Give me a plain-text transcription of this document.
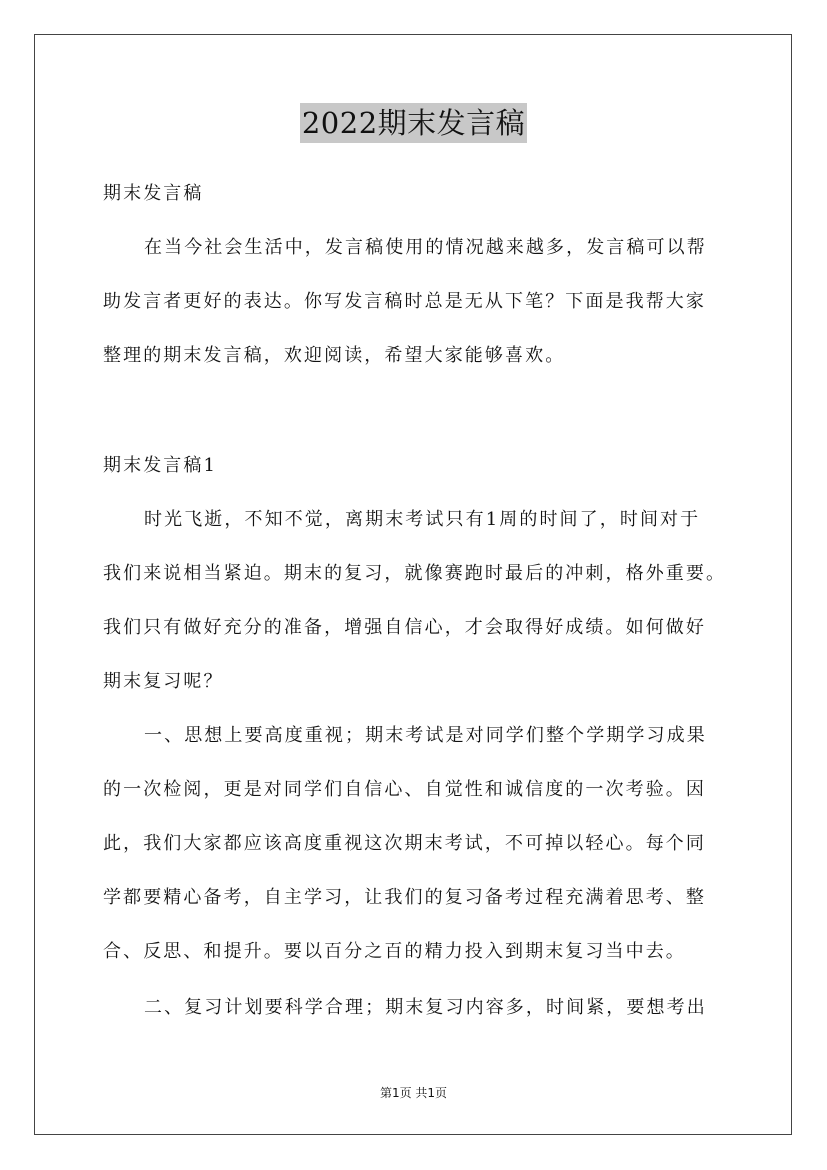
2022期末发言稿
期末发言稿
在当今社会生活中，发言稿使用的情况越来越多，发言稿可以帮
助发言者更好的表达。你写发言稿时总是无从下笔？下面是我帮大家
整理的期末发言稿，欢迎阅读，希望大家能够喜欢。
期末发言稿1
时光飞逝，不知不觉，离期末考试只有1周的时间了，时间对于
我们来说相当紧迫。期末的复习，就像赛跑时最后的冲刺，格外重要。
我们只有做好充分的准备，增强自信心，才会取得好成绩。如何做好
期末复习呢？
一、思想上要高度重视；期末考试是对同学们整个学期学习成果
的一次检阅，更是对同学们自信心、自觉性和诚信度的一次考验。因
此，我们大家都应该高度重视这次期末考试，不可掉以轻心。每个同
学都要精心备考，自主学习，让我们的复习备考过程充满着思考、整
合、反思、和提升。要以百分之百的精力投入到期末复习当中去。
二、复习计划要科学合理；期末复习内容多，时间紧，要想考出
第1页 共1页
